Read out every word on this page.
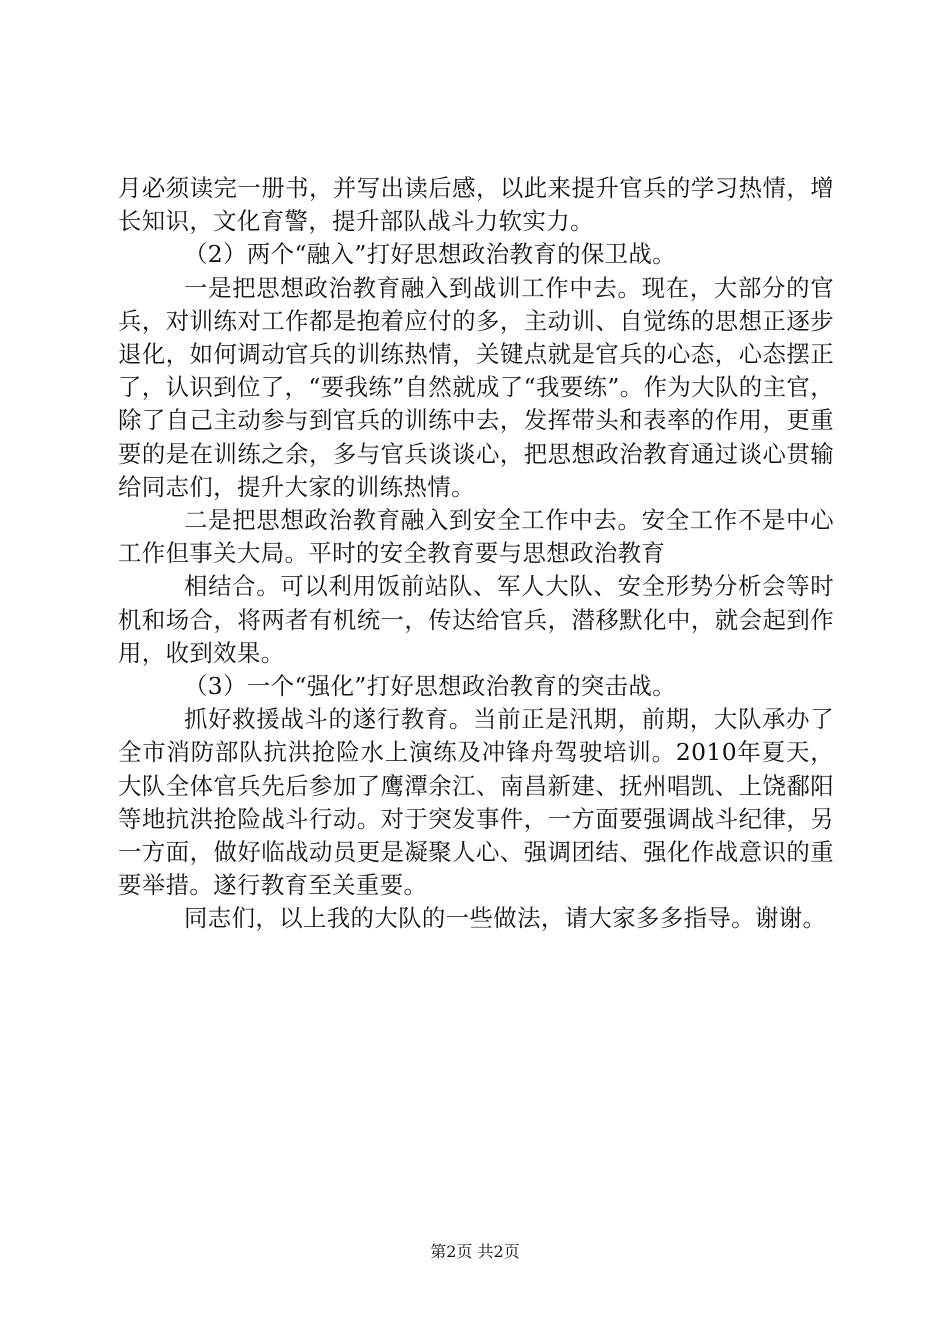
月必须读完一册书，并写出读后感，以此来提升官兵的学习热情，增长知识，文化育警，提升部队战斗力软实力。

（2）两个“融入”打好思想政治教育的保卫战。

一是把思想政治教育融入到战训工作中去。现在，大部分的官兵，对训练对工作都是抱着应付的多，主动训、自觉练的思想正逐步退化，如何调动官兵的训练热情，关键点就是官兵的心态，心态摆正了，认识到位了，“要我练”自然就成了“我要练”。作为大队的主官，除了自己主动参与到官兵的训练中去，发挥带头和表率的作用，更重要的是在训练之余，多与官兵谈谈心，把思想政治教育通过谈心贯输给同志们，提升大家的训练热情。

二是把思想政治教育融入到安全工作中去。安全工作不是中心工作但事关大局。平时的安全教育要与思想政治教育

相结合。可以利用饭前站队、军人大队、安全形势分析会等时机和场合，将两者有机统一，传达给官兵，潜移默化中，就会起到作用，收到效果。

（3）一个“强化”打好思想政治教育的突击战。

抓好救援战斗的遂行教育。当前正是汛期，前期，大队承办了全市消防部队抗洪抢险水上演练及冲锋舟驾驶培训。2010年夏天，大队全体官兵先后参加了鹰潭余江、南昌新建、抚州唱凯、上饶鄱阳等地抗洪抢险战斗行动。对于突发事件，一方面要强调战斗纪律，另一方面，做好临战动员更是凝聚人心、强调团结、强化作战意识的重要举措。遂行教育至关重要。

同志们，以上我的大队的一些做法，请大家多多指导。谢谢。

第2页 共2页
